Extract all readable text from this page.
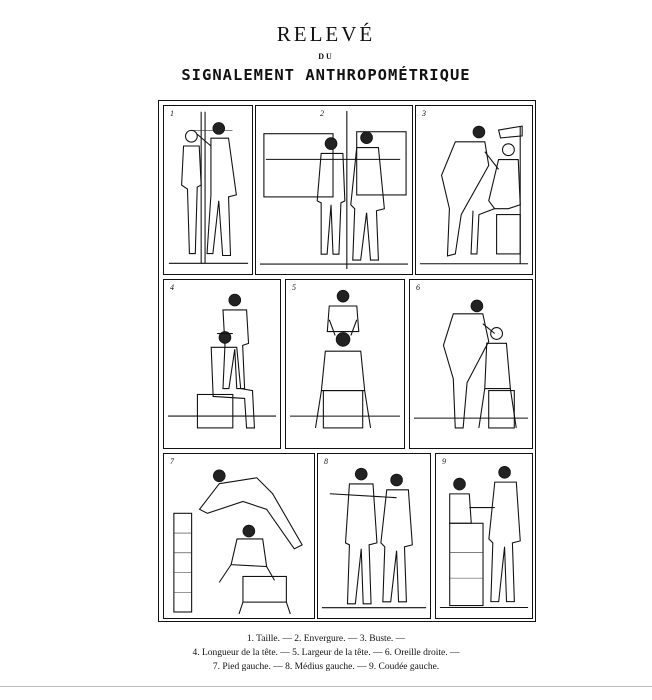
RELEVÉ
DU
SIGNALEMENT ANTHROPOMÉTRIQUE
1	2	3
4	5	6
7	8	9
1. Taille. — 2. Envergure. — 3. Buste. —
4. Longueur de la tête. — 5. Largeur de la tête. — 6. Oreille droite. —
7. Pied gauche. — 8. Médius gauche. — 9. Coudée gauche.
